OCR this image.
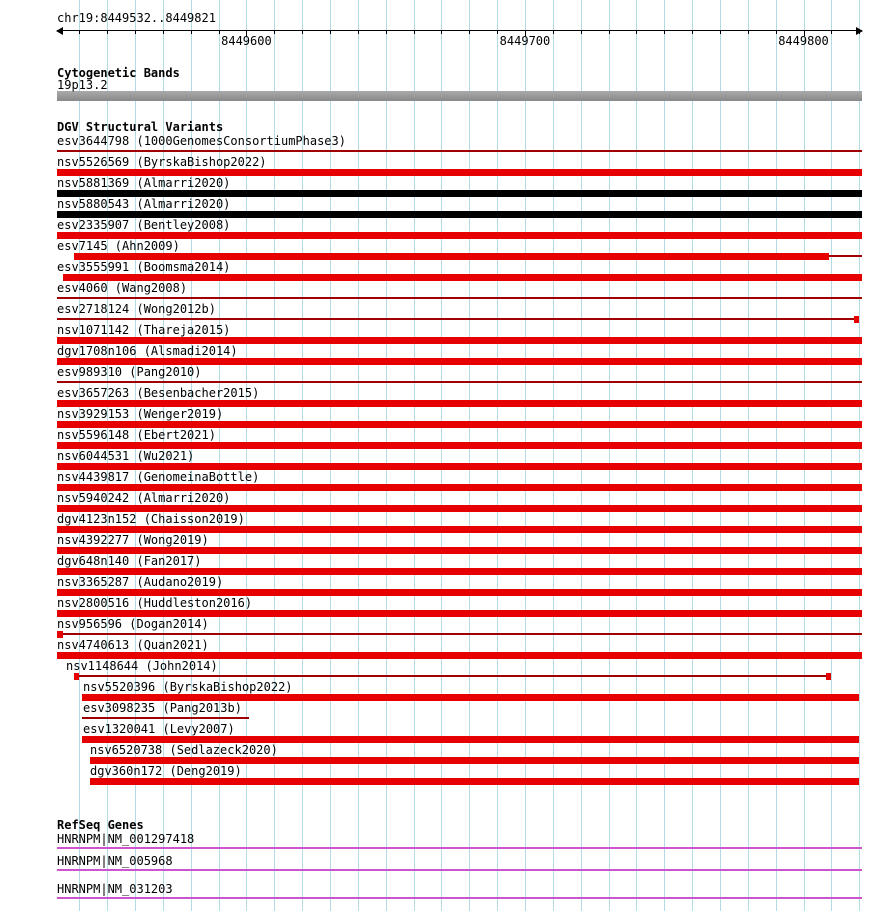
chr19:8449532..8449821
Cytogenetic Bands
19p13.2
DGV Structural Variants
RefSeq Genes
8449600	8449700	8449800
esv3644798 (1000GenomesConsortiumPhase3)
nsv5526569 (ByrskaBishop2022)
nsv5881369 (Almarri2020)
nsv5880543 (Almarri2020)
esv2335907 (Bentley2008)
esv7145 (Ahn2009)
esv3555991 (Boomsma2014)
esv4060 (Wang2008)
esv2718124 (Wong2012b)
nsv1071142 (Thareja2015)
dgv1708n106 (Alsmadi2014)
esv989310 (Pang2010)
esv3657263 (Besenbacher2015)
nsv3929153 (Wenger2019)
nsv5596148 (Ebert2021)
nsv6044531 (Wu2021)
nsv4439817 (GenomeinaBottle)
nsv5940242 (Almarri2020)
dgv4123n152 (Chaisson2019)
nsv4392277 (Wong2019)
dgv648n140 (Fan2017)
nsv3365287 (Audano2019)
nsv2800516 (Huddleston2016)
nsv956596 (Dogan2014)
nsv4740613 (Quan2021)
nsv1148644 (John2014)
nsv5520396 (ByrskaBishop2022)
esv3098235 (Pang2013b)
esv1320041 (Levy2007)
nsv6520738 (Sedlazeck2020)
dgv360n172 (Deng2019)
HNRNPM|NM_001297418
HNRNPM|NM_005968
HNRNPM|NM_031203
